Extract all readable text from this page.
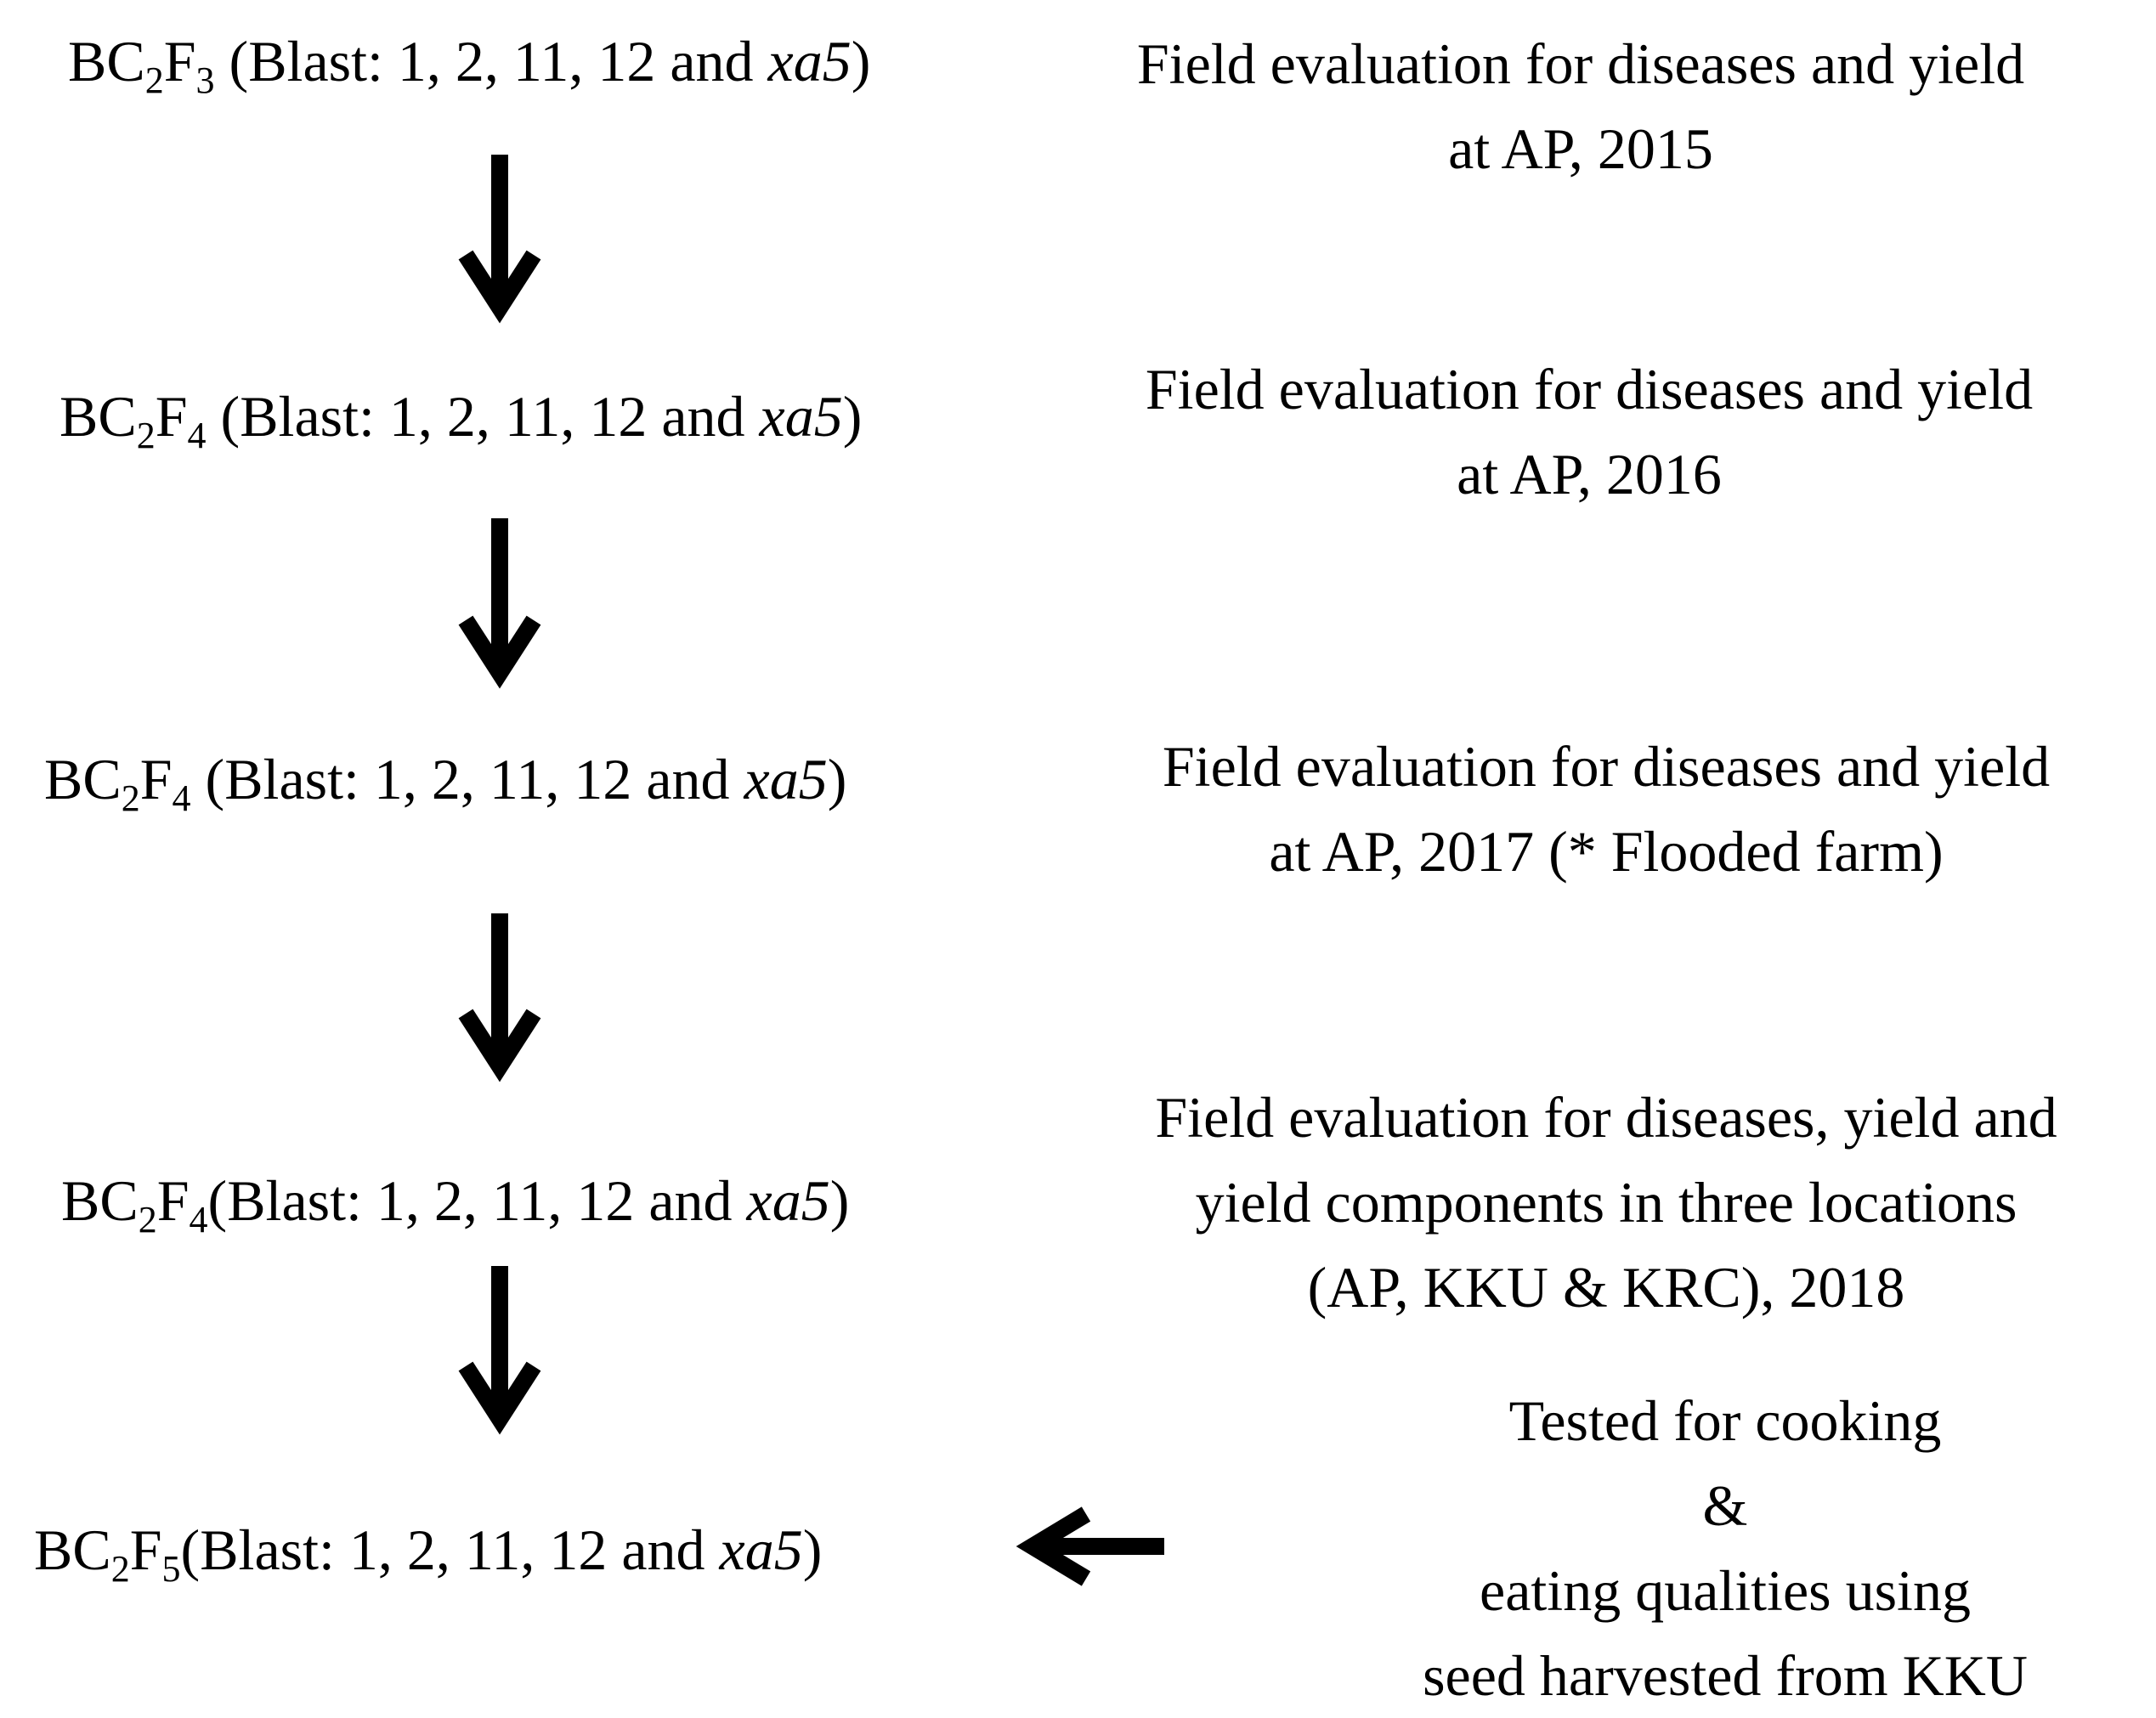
$BC_2F_3$ (Blast: 1, 2, 11, 12 and xa5)
$BC_2F_4$ (Blast: 1, 2, 11, 12 and xa5)
$BC_2F_4$ (Blast: 1, 2, 11, 12 and xa5)
$BC_2F_4(Blast$: 1, 2, 11, 12 and xa5)
$BC_2F_5(Blast$: 1, 2, 11, 12 and xa5)
Field evaluation for diseases and yield
at AP, 2015
Field evaluation for diseases and yield
at AP, 2016
Field evaluation for diseases and yield
at AP, 2017 (* Flooded farm)
Field evaluation for diseases, yield and
yield components in three locations
(AP, KKU & KRC), 2018
Tested for cooking
&
eating qualities using
seed harvested from KKU
